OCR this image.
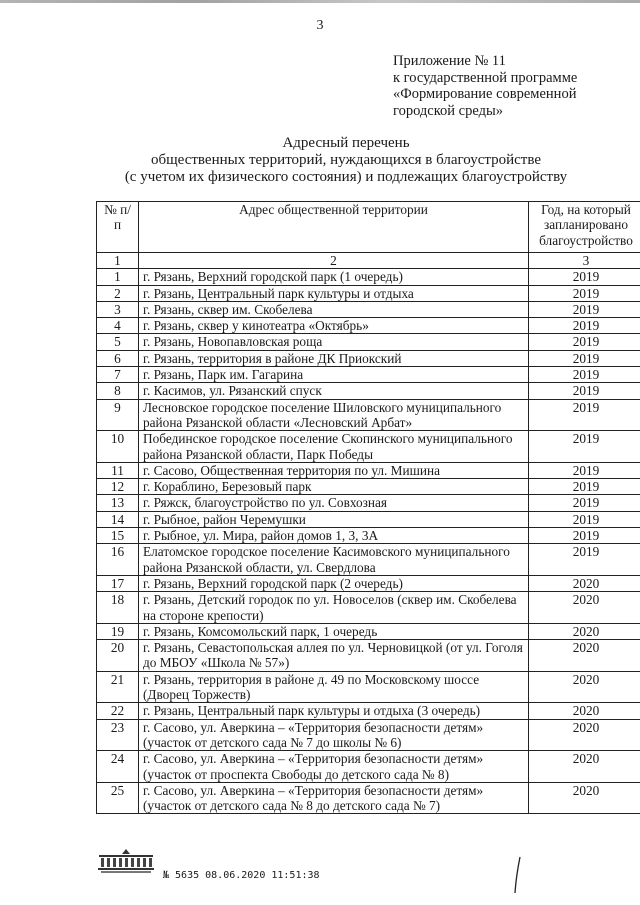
3
Приложение № 11
к государственной программе
«Формирование современной
городской среды»
Адресный перечень
общественных территорий, нуждающихся в благоустройстве
(с учетом их физического состояния) и подлежащих благоустройству
№ п/п	Адрес общественной территории	Год, на который запланировано благоустройство
1	2	3
1	г. Рязань, Верхний городской парк (1 очередь)	2019
2	г. Рязань, Центральный парк культуры и отдыха	2019
3	г. Рязань, сквер им. Скобелева	2019
4	г. Рязань, сквер у кинотеатра «Октябрь»	2019
5	г. Рязань, Новопавловская роща	2019
6	г. Рязань, территория в районе ДК Приокский	2019
7	г. Рязань, Парк им. Гагарина	2019
8	г. Касимов, ул. Рязанский спуск	2019
9	Лесновское городское поселение Шиловского муниципального района Рязанской области «Лесновский Арбат»	2019
10	Побединское городское поселение Скопинского муниципального района Рязанской области, Парк Победы	2019
11	г. Сасово, Общественная территория по ул. Мишина	2019
12	г. Кораблино, Березовый парк	2019
13	г. Ряжск, благоустройство по ул. Совхозная	2019
14	г. Рыбное, район Черемушки	2019
15	г. Рыбное, ул. Мира, район домов 1, 3, 3А	2019
16	Елатомское городское поселение Касимовского муниципального района Рязанской области, ул. Свердлова	2019
17	г. Рязань, Верхний городской парк (2 очередь)	2020
18	г. Рязань, Детский городок по ул. Новоселов (сквер им. Скобелева на стороне крепости)	2020
19	г. Рязань, Комсомольский парк, 1 очередь	2020
20	г. Рязань, Севастопольская аллея по ул. Черновицкой (от ул. Гоголя до МБОУ «Школа № 57»)	2020
21	г. Рязань, территория в районе д. 49 по Московскому шоссе (Дворец Торжеств)	2020
22	г. Рязань, Центральный парк культуры и отдыха (3 очередь)	2020
23	г. Сасово, ул. Аверкина – «Территория безопасности детям» (участок от детского сада № 7 до школы № 6)	2020
24	г. Сасово, ул. Аверкина – «Территория безопасности детям» (участок от проспекта Свободы до детского сада № 8)	2020
25	г. Сасово, ул. Аверкина – «Территория безопасности детям» (участок от детского сада № 8 до детского сада № 7)	2020
№ 5635 08.06.2020 11:51:38
